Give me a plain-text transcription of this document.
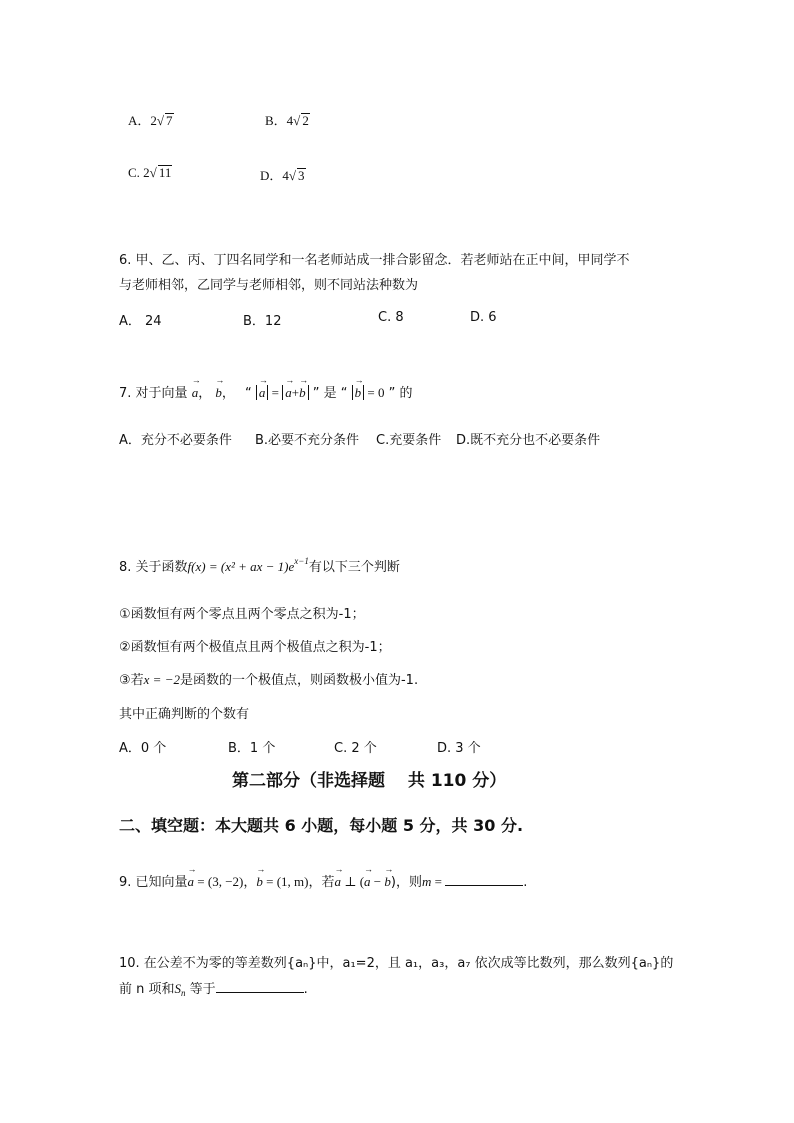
A．2√ 7	B．4√ 2
C. 2√ 11	D．4√ 3
6. 甲、乙、丙、丁四名同学和一名老师站成一排合影留念．若老师站在正中间，甲同学不
与老师相邻，乙同学与老师相邻，则不同站法种数为
A． 24	B．12	C. 8	D. 6
7. 对于向量 → a， → b， “ → a = → a+→ b ” 是 “ → b = 0 ” 的
A．充分不必要条件 B.必要不充分条件 C.充要条件 D.既不充分也不必要条件
8. 关于函数f(x) = (x² + ax − $1)e^{x-1}$有以下三个判断
①函数恒有两个零点且两个零点之积为-1；
②函数恒有两个极值点且两个极值点之积为-1；
③若x = −2是函数的一个极值点，则函数极小值为-1.
其中正确判断的个数有
A．0 个	B．1 个	C. 2 个	D. 3 个
第二部分（非选择题　 共 110 分）
二、填空题：本大题共 6 小题，每小题 5 分，共 30 分.
9. 已知向量→ a = (3, −2)，→ b = (1, m)，若→ a ⊥ (→ a − → b)，则m =	.
10. 在公差不为零的等差数列{aₙ}中，a₁=2，且 a₁，a₃，a₇ 依次成等比数列，那么数列{aₙ}的
前 n 项和$S_n$ 等于	.
